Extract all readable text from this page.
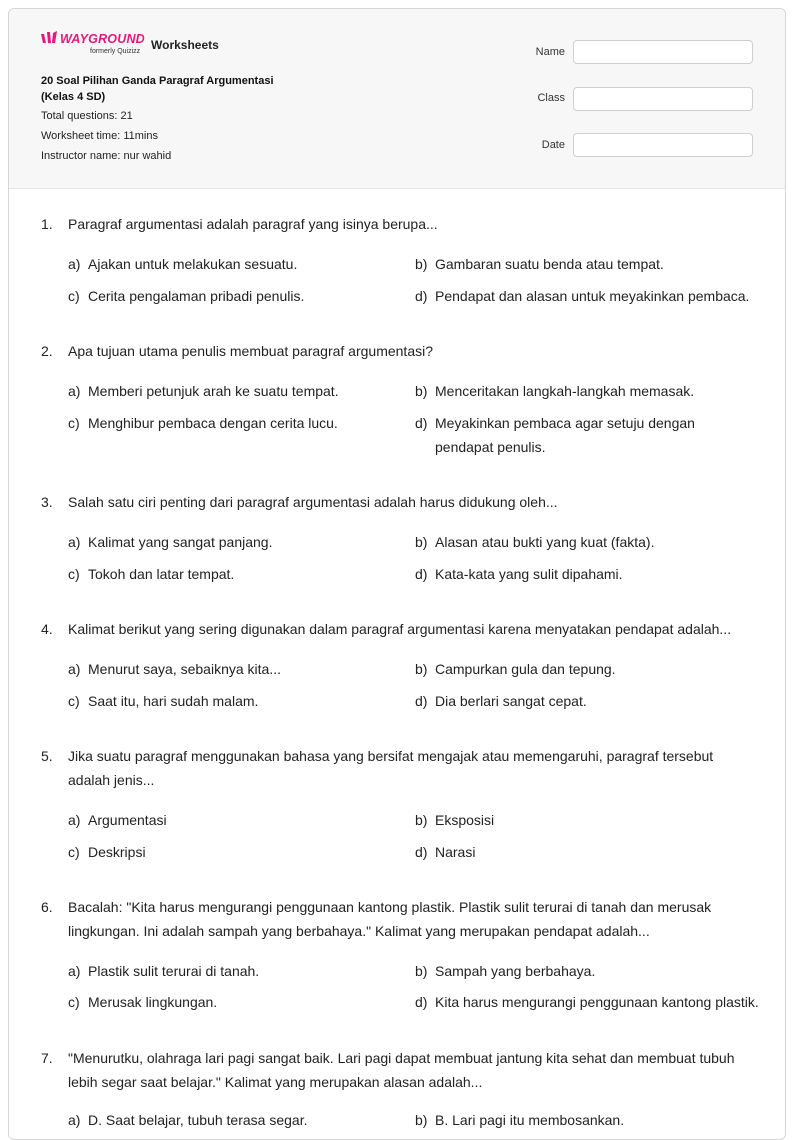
WAYGROUND
formerly Quizizz Worksheets
20 Soal Pilihan Ganda Paragraf Argumentasi (Kelas 4 SD)
Total questions: 21
Worksheet time: 11mins
Instructor name: nur wahid
Name
Class
Date
1. Paragraf argumentasi adalah paragraf yang isinya berupa...
a) Ajakan untuk melakukan sesuatu.	b) Gambaran suatu benda atau tempat.
c) Cerita pengalaman pribadi penulis.	d) Pendapat dan alasan untuk meyakinkan pembaca.
2. Apa tujuan utama penulis membuat paragraf argumentasi?
a) Memberi petunjuk arah ke suatu tempat.	b) Menceritakan langkah-langkah memasak.
c) Menghibur pembaca dengan cerita lucu.	d) Meyakinkan pembaca agar setuju dengan pendapat penulis.
3. Salah satu ciri penting dari paragraf argumentasi adalah harus didukung oleh...
a) Kalimat yang sangat panjang.	b) Alasan atau bukti yang kuat (fakta).
c) Tokoh dan latar tempat.	d) Kata-kata yang sulit dipahami.
4. Kalimat berikut yang sering digunakan dalam paragraf argumentasi karena menyatakan pendapat adalah...
a) Menurut saya, sebaiknya kita...	b) Campurkan gula dan tepung.
c) Saat itu, hari sudah malam.	d) Dia berlari sangat cepat.
5. Jika suatu paragraf menggunakan bahasa yang bersifat mengajak atau memengaruhi, paragraf tersebut adalah jenis...
a) Argumentasi	b) Eksposisi
c) Deskripsi	d) Narasi
6. Bacalah: "Kita harus mengurangi penggunaan kantong plastik. Plastik sulit terurai di tanah dan merusak lingkungan. Ini adalah sampah yang berbahaya." Kalimat yang merupakan pendapat adalah...
a) Plastik sulit terurai di tanah.	b) Sampah yang berbahaya.
c) Merusak lingkungan.	d) Kita harus mengurangi penggunaan kantong plastik.
7. "Menurutku, olahraga lari pagi sangat baik. Lari pagi dapat membuat jantung kita sehat dan membuat tubuh lebih segar saat belajar." Kalimat yang merupakan alasan adalah...
a) D. Saat belajar, tubuh terasa segar.	b) B. Lari pagi itu membosankan.
